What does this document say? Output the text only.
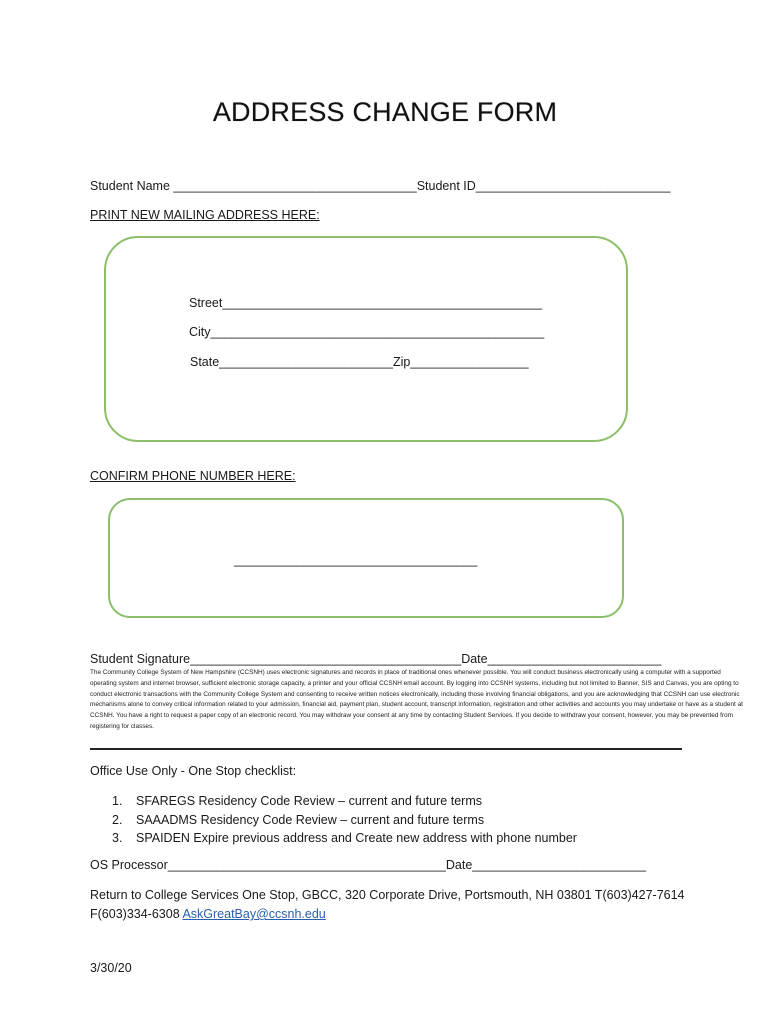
ADDRESS CHANGE FORM
Student Name ___________________________________Student ID____________________________
PRINT NEW MAILING ADDRESS HERE:
Street______________________________________________
City________________________________________________
State_________________________Zip_________________
CONFIRM PHONE NUMBER HERE:
___________________________________
Student Signature_______________________________________Date_________________________
The Community College System of New Hampshire (CCSNH) uses electronic signatures and records in place of traditional ones whenever possible. You will conduct business electronically using a computer with a supported operating system and internet browser, sufficient electronic storage capacity, a printer and your official CCSNH email account. By logging into CCSNH systems, including but not limited to Banner, SIS and Canvas, you are opting to conduct electronic transactions with the Community College System and consenting to receive written notices electronically, including those involving financial obligations, and you are acknowledging that CCSNH can use electronic mechanisms alone to convey critical information related to your admission, financial aid, payment plan, student account, transcript information, registration and other activities and accounts you may undertake or have as a student at CCSNH. You have a right to request a paper copy of an electronic record. You may withdraw your consent at any time by contacting Student Services. If you decide to withdraw your consent, however, you may be prevented from registering for classes.
Office Use Only - One Stop checklist:
1. SFAREGS Residency Code Review – current and future terms
2. SAAADMS Residency Code Review – current and future terms
3. SPAIDEN Expire previous address and Create new address with phone number
OS Processor________________________________________Date_________________________
Return to College Services One Stop, GBCC, 320 Corporate Drive, Portsmouth, NH 03801 T(603)427-7614
F(603)334-6308 AskGreatBay@ccsnh.edu
3/30/20
